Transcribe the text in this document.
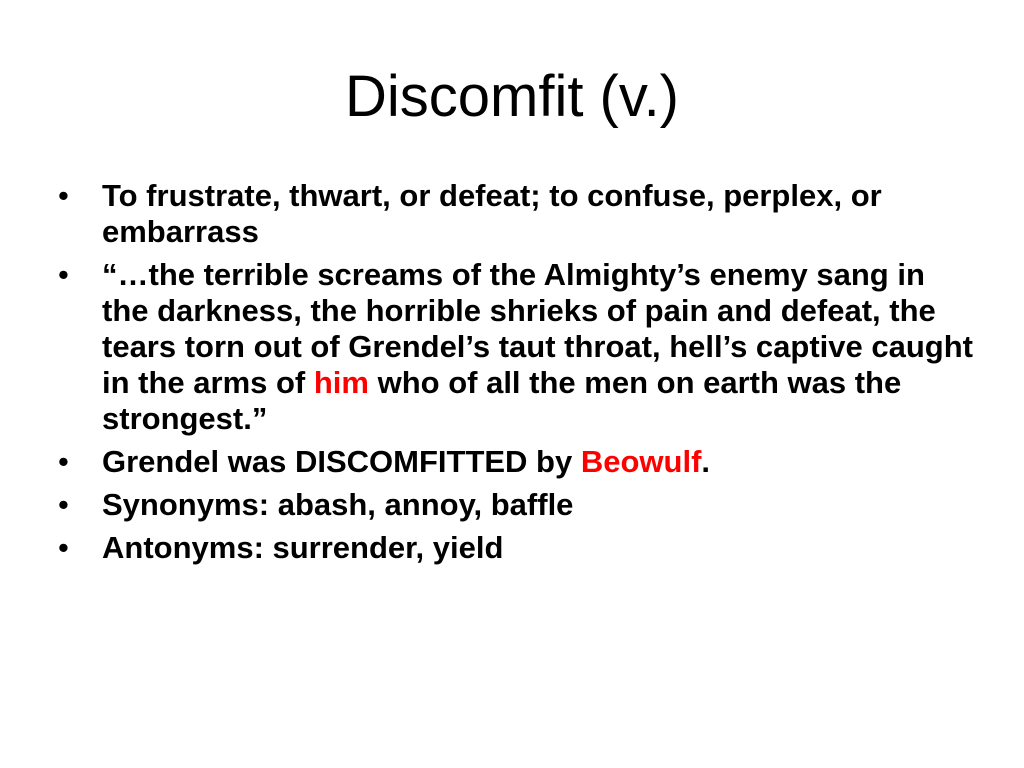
Discomfit (v.)
• To frustrate, thwart, or defeat; to confuse, perplex, or embarrass
• “…the terrible screams of the Almighty’s enemy sang in the darkness, the horrible shrieks of pain and defeat, the tears torn out of Grendel’s taut throat, hell’s captive caught in the arms of him who of all the men on earth was the strongest.”
• Grendel was DISCOMFITTED by Beowulf.
• Synonyms: abash, annoy, baffle
• Antonyms: surrender, yield
